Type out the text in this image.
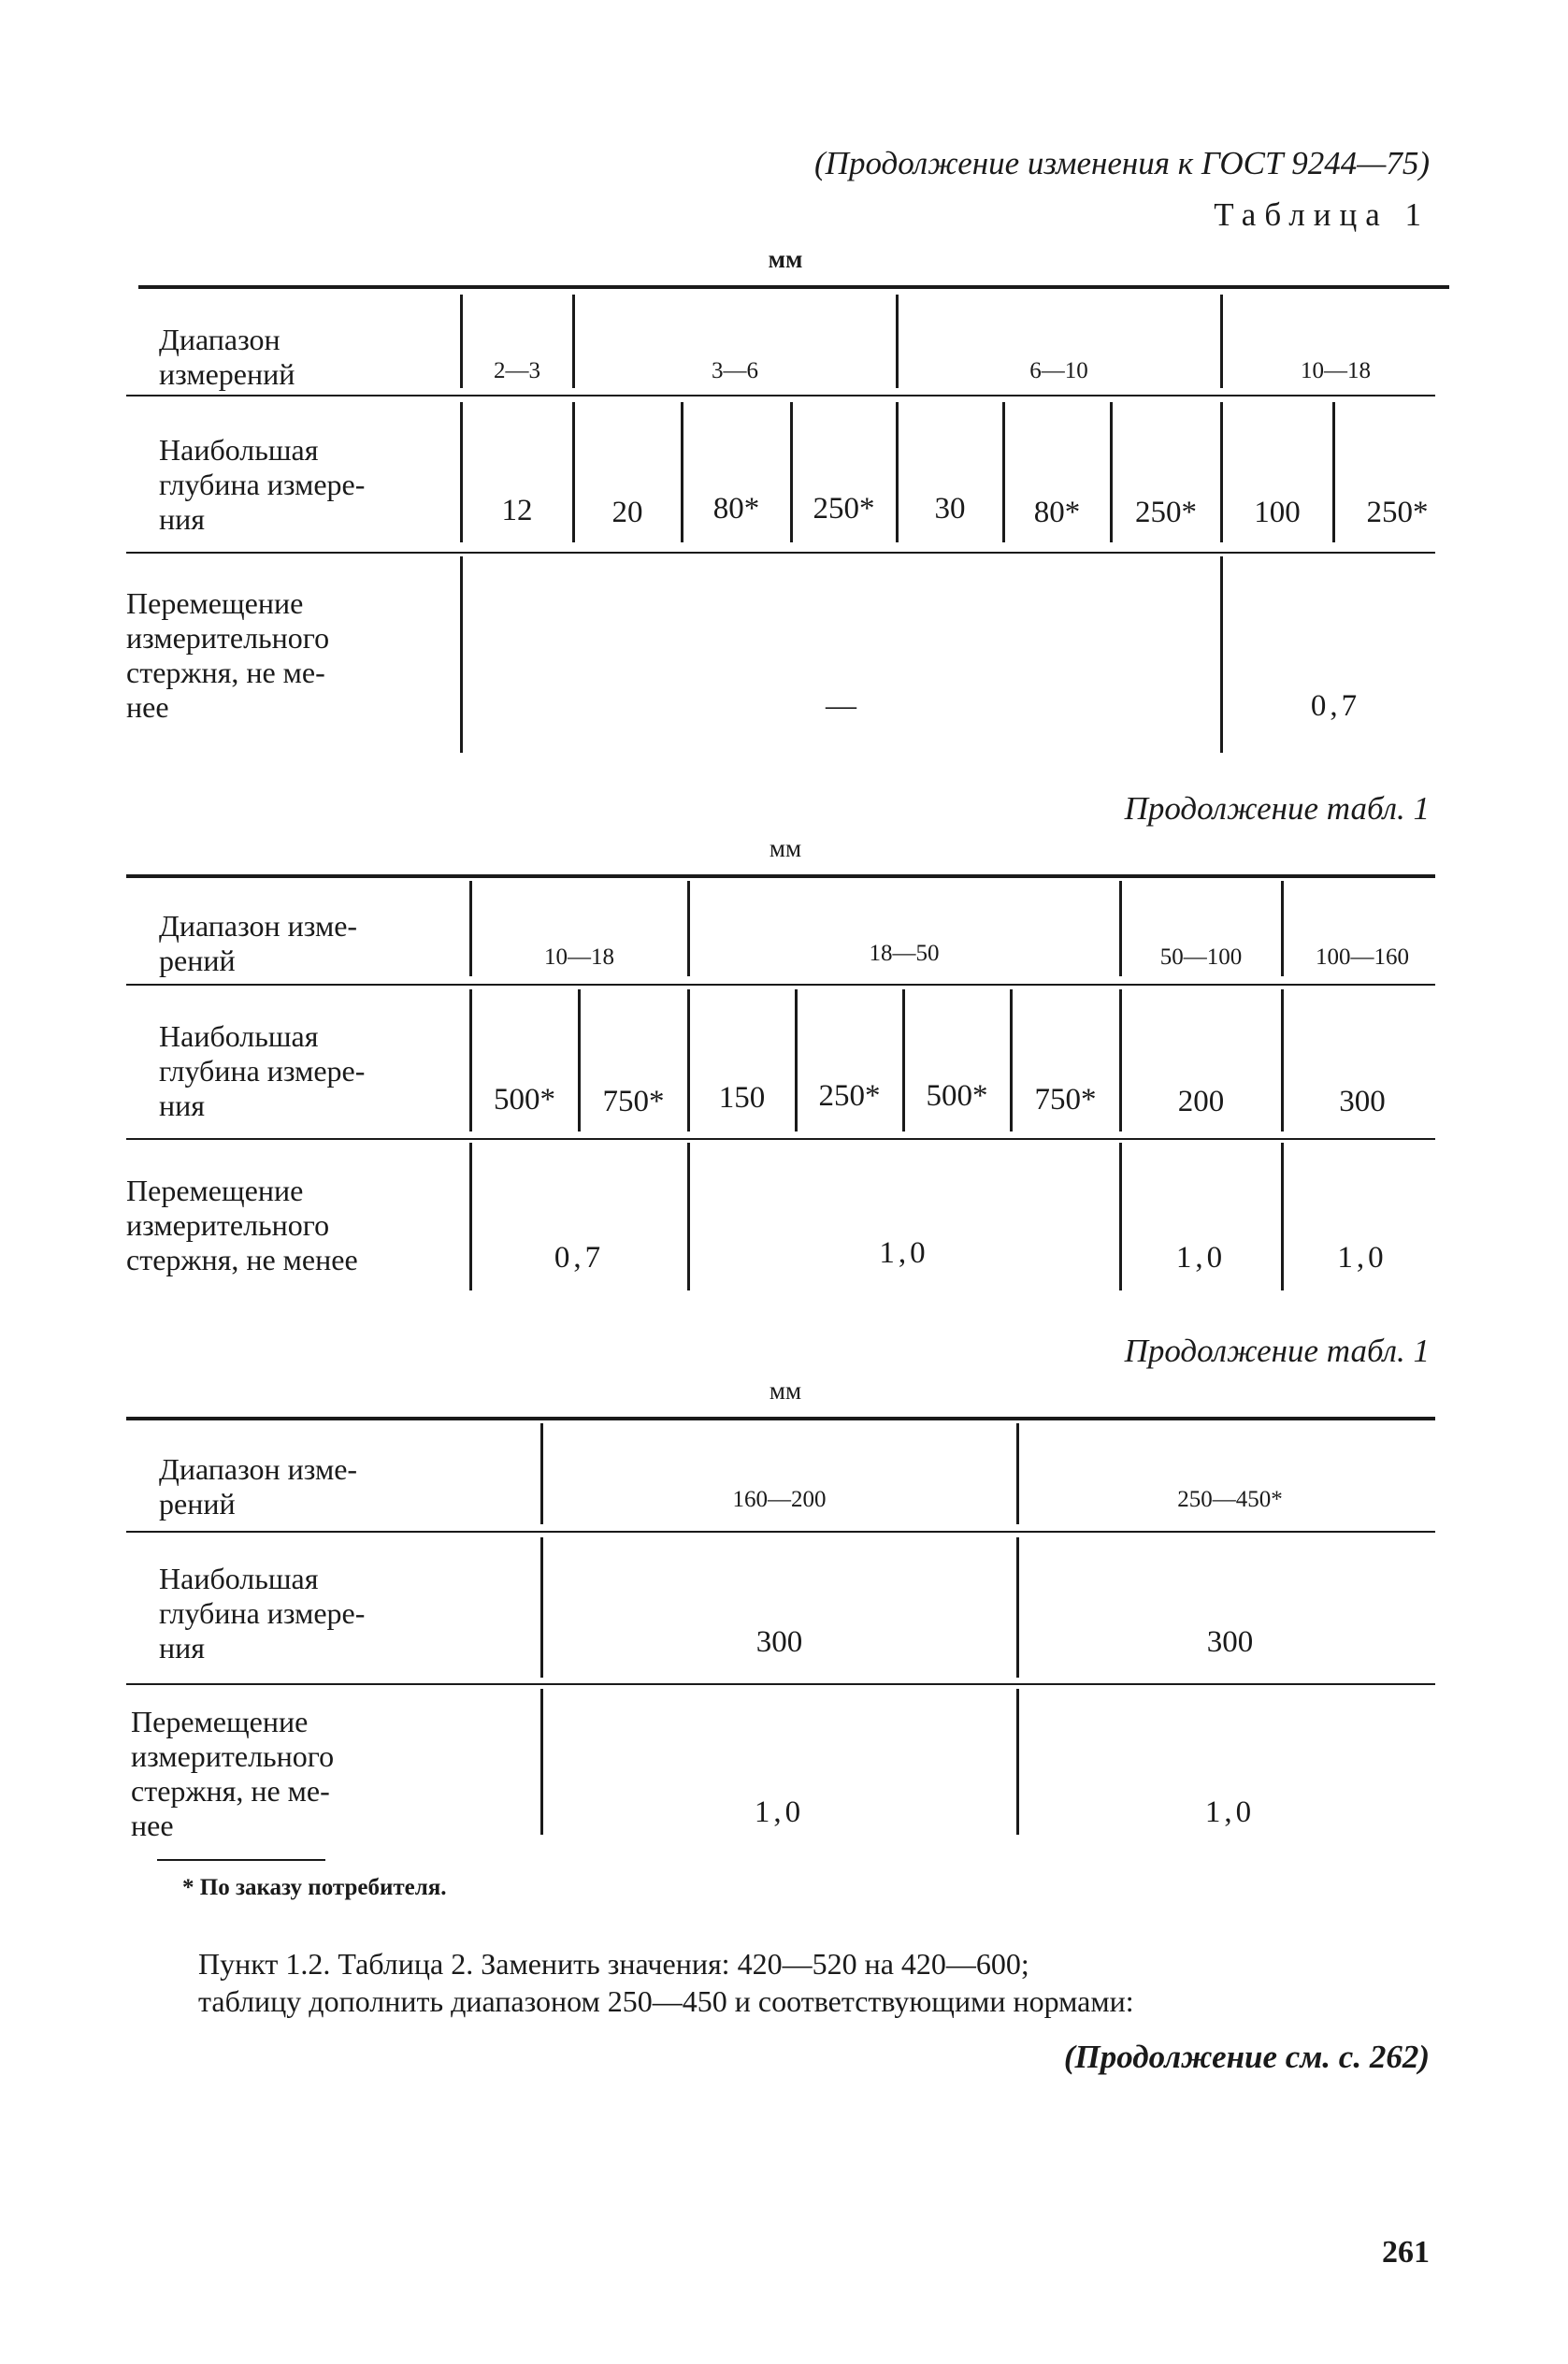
(Продолжение изменения к ГОСТ 9244—75)
Таблица 1
мм
Диапазон
измерений	2—3	3—6	6—10	10—18
Наибольшая
глубина измере-
ния	12	20	80*	250*	30	80*	250*	100	250*
Перемещение
измерительного
стержня, не ме-
нее	—	0,7
Продолжение табл. 1
мм
Диапазон изме-
рений	10—18	18—50	50—100	100—160
Наибольшая
глубина измере-
ния	500*	750*	150	250*	500*	750*	200	300
Перемещение
измерительного
стержня, не менее	0,7	1,0	1,0	1,0
Продолжение табл. 1
мм
Диапазон изме-
рений	160—200	250—450*
Наибольшая
глубина измере-
ния	300	300
Перемещение
измерительного
стержня, не ме-
нее	1,0	1,0
* По заказу потребителя.
Пункт 1.2. Таблица 2. Заменить значения: 420—520 на 420—600;
таблицу дополнить диапазоном 250—450 и соответствующими нормами:
(Продолжение см. с. 262)
261
